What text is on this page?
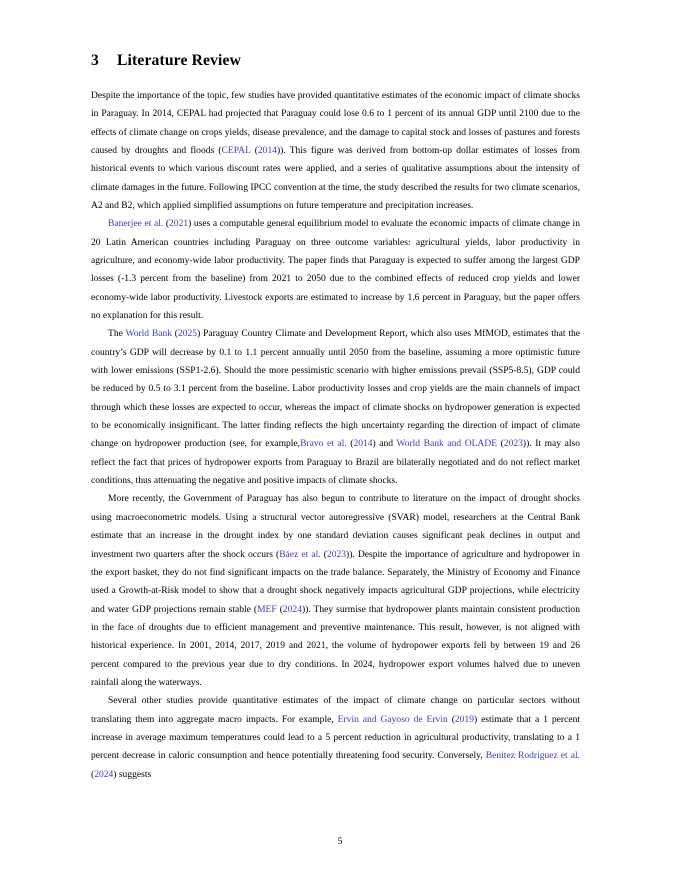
3 Literature Review

Despite the importance of the topic, few studies have provided quantitative estimates of the economic impact of climate shocks in Paraguay. In 2014, CEPAL had projected that Paraguay could lose 0.6 to 1 percent of its annual GDP until 2100 due to the effects of climate change on crops yields, disease prevalence, and the damage to capital stock and losses of pastures and forests caused by droughts and floods (CEPAL (2014)). This figure was derived from bottom-up dollar estimates of losses from historical events to which various discount rates were applied, and a series of qualitative assumptions about the intensity of climate damages in the future. Following IPCC convention at the time, the study described the results for two climate scenarios, A2 and B2, which applied simplified assumptions on future temperature and precipitation increases.

Banerjee et al. (2021) uses a computable general equilibrium model to evaluate the economic impacts of climate change in 20 Latin American countries including Paraguay on three outcome variables: agricultural yields, labor productivity in agriculture, and economy-wide labor productivity. The paper finds that Paraguay is expected to suffer among the largest GDP losses (-1.3 percent from the baseline) from 2021 to 2050 due to the combined effects of reduced crop yields and lower economy-wide labor productivity. Livestock exports are estimated to increase by 1.6 percent in Paraguay, but the paper offers no explanation for this result.

The World Bank (2025) Paraguay Country Climate and Development Report, which also uses MfMOD, estimates that the country’s GDP will decrease by 0.1 to 1.1 percent annually until 2050 from the baseline, assuming a more optimistic future with lower emissions (SSP1-2.6). Should the more pessimistic scenario with higher emissions prevail (SSP5-8.5), GDP could be reduced by 0.5 to 3.1 percent from the baseline. Labor productivity losses and crop yields are the main channels of impact through which these losses are expected to occur, whereas the impact of climate shocks on hydropower generation is expected to be economically insignificant. The latter finding reflects the high uncertainty regarding the direction of impact of climate change on hydropower production (see, for example,Bravo et al. (2014) and World Bank and OLADE (2023)). It may also reflect the fact that prices of hydropower exports from Paraguay to Brazil are bilaterally negotiated and do not reflect market conditions, thus attenuating the negative and positive impacts of climate shocks.

More recently, the Government of Paraguay has also begun to contribute to literature on the impact of drought shocks using macroeconometric models. Using a structural vector autoregressive (SVAR) model, researchers at the Central Bank estimate that an increase in the drought index by one standard deviation causes significant peak declines in output and investment two quarters after the shock occurs (Báez et al. (2023)). Despite the importance of agriculture and hydropower in the export basket, they do not find significant impacts on the trade balance. Separately, the Ministry of Economy and Finance used a Growth-at-Risk model to show that a drought shock negatively impacts agricultural GDP projections, while electricity and water GDP projections remain stable (MEF (2024)). They surmise that hydropower plants maintain consistent production in the face of droughts due to efficient management and preventive maintenance. This result, however, is not aligned with historical experience. In 2001, 2014, 2017, 2019 and 2021, the volume of hydropower exports fell by between 19 and 26 percent compared to the previous year due to dry conditions. In 2024, hydropower export volumes halved due to uneven rainfall along the waterways.

Several other studies provide quantitative estimates of the impact of climate change on particular sectors without translating them into aggregate macro impacts. For example, Ervin and Gayoso de Ervin (2019) estimate that a 1 percent increase in average maximum temperatures could lead to a 5 percent reduction in agricultural productivity, translating to a 1 percent decrease in caloric consumption and hence potentially threatening food security. Conversely, Benitez Rodriguez et al. (2024) suggests

5
